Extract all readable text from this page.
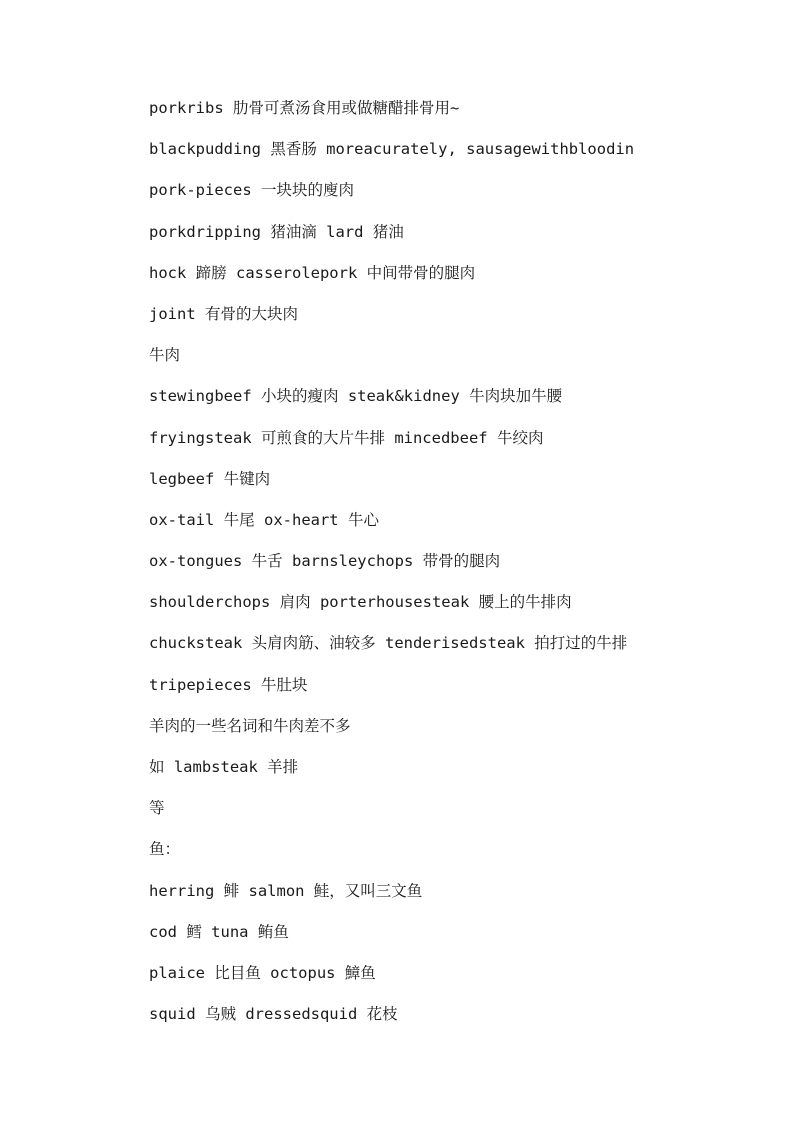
porkribs 肋骨可煮汤食用或做糖醋排骨用~
blackpudding 黑香肠 moreacurately, sausagewithbloodin
pork-pieces 一块块的廋肉
porkdripping 猪油滴 lard 猪油
hock 蹄膀 casserolepork 中间带骨的腿肉
joint 有骨的大块肉
牛肉
stewingbeef 小块的瘦肉 steak&kidney 牛肉块加牛腰
fryingsteak 可煎食的大片牛排 mincedbeef 牛绞肉
legbeef 牛键肉
ox-tail 牛尾 ox-heart 牛心
ox-tongues 牛舌 barnsleychops 带骨的腿肉
shoulderchops 肩肉 porterhousesteak 腰上的牛排肉
chucksteak 头肩肉筋、油较多 tenderisedsteak 拍打过的牛排
tripepieces 牛肚块
羊肉的一些名词和牛肉差不多
如 lambsteak 羊排
等
鱼：
herring 鲱 salmon 鲑，又叫三文鱼
cod 鳕 tuna 鲔鱼
plaice 比目鱼 octopus 鱆鱼
squid 乌贼 dressedsquid 花枝
